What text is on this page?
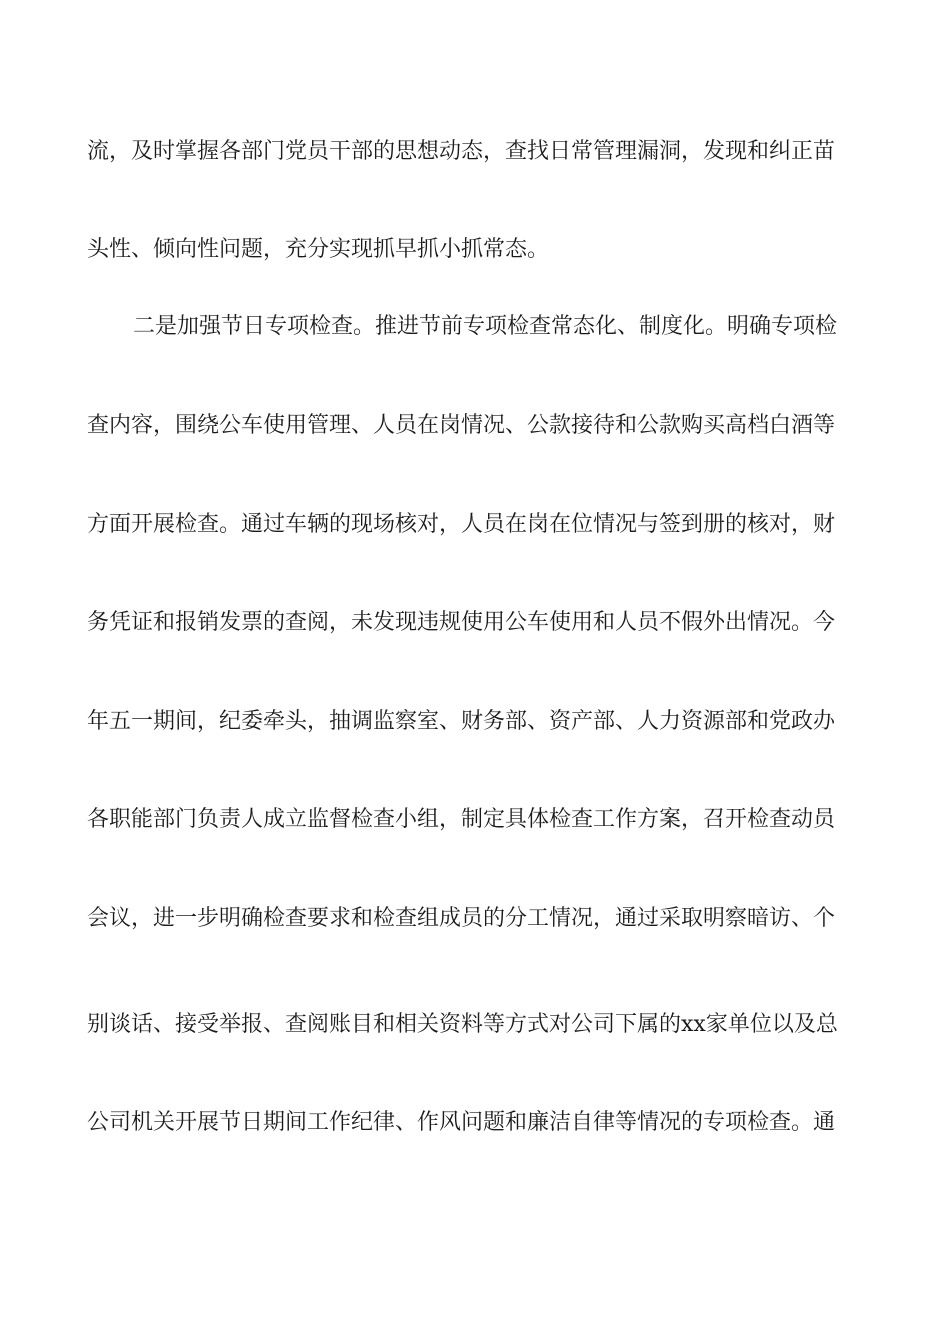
流，及时掌握各部门党员干部的思想动态，查找日常管理漏洞，发现和纠正苗
头性、倾向性问题，充分实现抓早抓小抓常态。
二是加强节日专项检查。推进节前专项检查常态化、制度化。明确专项检
查内容，围绕公车使用管理、人员在岗情况、公款接待和公款购买高档白酒等
方面开展检查。通过车辆的现场核对，人员在岗在位情况与签到册的核对，财
务凭证和报销发票的查阅，未发现违规使用公车使用和人员不假外出情况。今
年五一期间，纪委牵头，抽调监察室、财务部、资产部、人力资源部和党政办
各职能部门负责人成立监督检查小组，制定具体检查工作方案，召开检查动员
会议，进一步明确检查要求和检查组成员的分工情况，通过采取明察暗访、个
别谈话、接受举报、查阅账目和相关资料等方式对公司下属的xx家单位以及总
公司机关开展节日期间工作纪律、作风问题和廉洁自律等情况的专项检查。通
